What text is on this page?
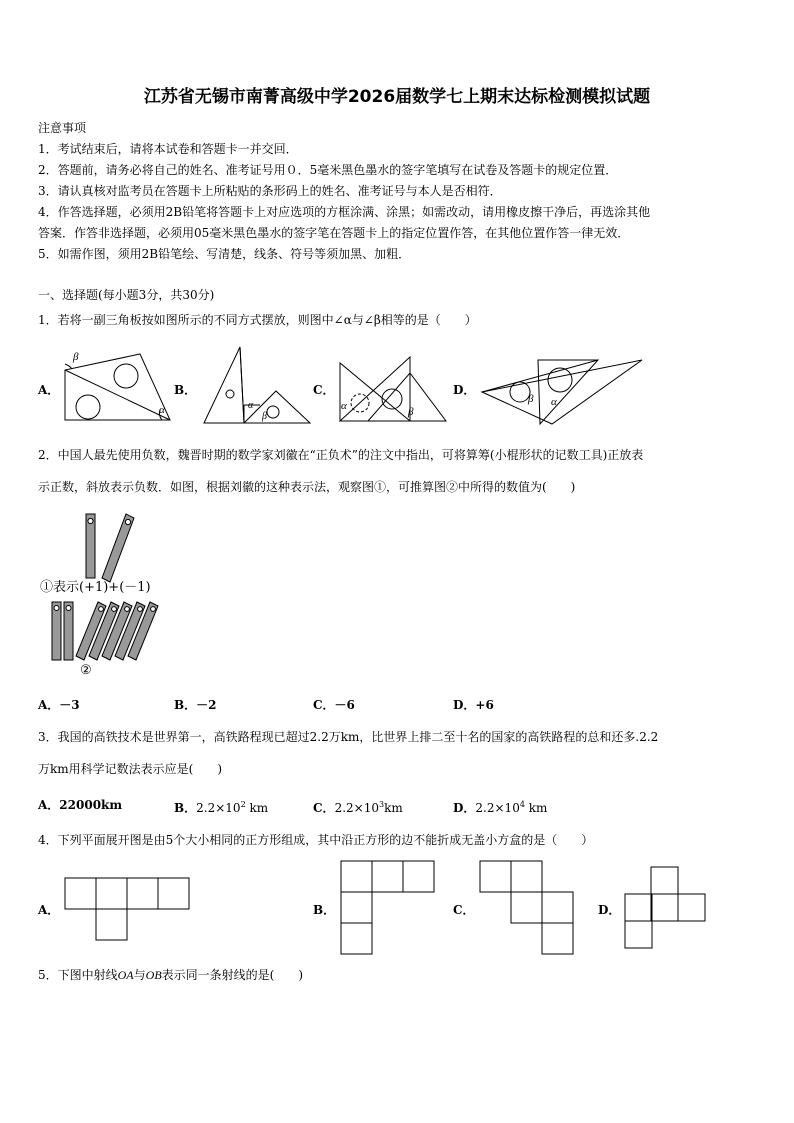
江苏省无锡市南菁高级中学2026届数学七上期末达标检测模拟试题
注意事项
1．考试结束后，请将本试卷和答题卡一并交回．
2．答题前，请务必将自己的姓名、准考证号用０．5毫米黑色墨水的签字笔填写在试卷及答题卡的规定位置．
3．请认真核对监考员在答题卡上所粘贴的条形码上的姓名、准考证号与本人是否相符．
4．作答选择题，必须用2B铅笔将答题卡上对应选项的方框涂满、涂黑；如需改动，请用橡皮擦干净后，再选涂其他
答案．作答非选择题，必须用05毫米黑色墨水的签字笔在答题卡上的指定位置作答，在其他位置作答一律无效．
5．如需作图，须用2B铅笔绘、写清楚，线条、符号等须加黑、加粗．
一、选择题(每小题3分，共30分)
1．若将一副三角板按如图所示的不同方式摆放，则图中∠α与∠β相等的是（　　）
A．
β
α
B．
α
β
C．
α	β
D．
β α
2．中国人最先使用负数，魏晋时期的数学家刘徽在“正负术”的注文中指出，可将算筹(小棍形状的记数工具)正放表
示正数，斜放表示负数．如图，根据刘徽的这种表示法，观察图①，可推算图②中所得的数值为(　　)
①表示(+1)+(－1)
②
A．－3	B．－2	C．－6	D．+6
3．我国的高铁技术是世界第一，高铁路程现已超过2.2万km，比世界上排二至十名的国家的高铁路程的总和还多.2.2
万km用科学记数法表示应是(　　)
A．22000km	B．$2.2\times 10^2$ km	C．$2.2\times 10^3km$	D．$2.2\times 10^4$ km
4．下列平面展开图是由5个大小相同的正方形组成，其中沿正方形的边不能折成无盖小方盒的是（　　）
A．	B．	C．	D．
5．下图中射线OA与OB表示同一条射线的是(　　)
